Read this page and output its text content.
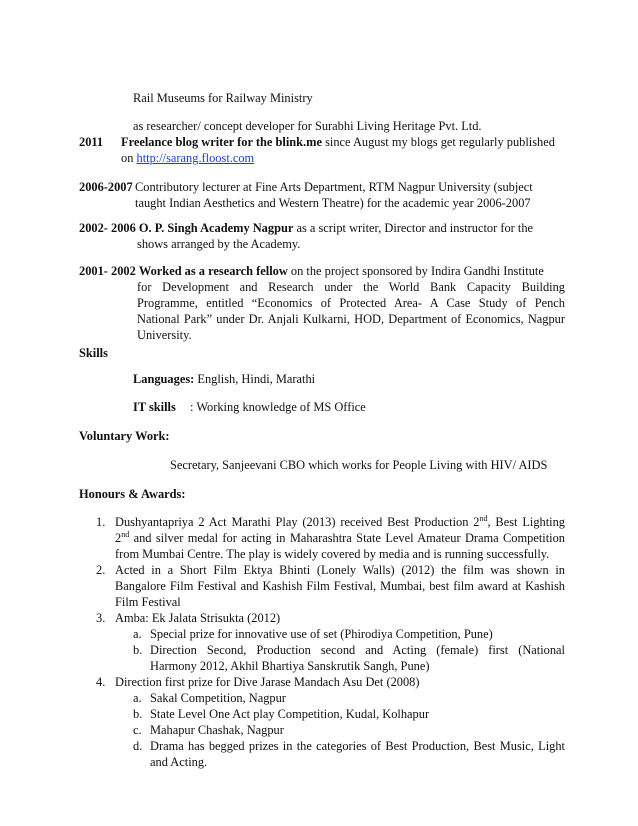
Rail Museums for Railway Ministry
as researcher/ concept developer for Surabhi Living Heritage Pvt. Ltd.
2011 Freelance blog writer for the blink.me since August my blogs get regularly published
on http://sarang.floost.com
2006-2007 Contributory lecturer at Fine Arts Department, RTM Nagpur University (subject
taught Indian Aesthetics and Western Theatre) for the academic year 2006-2007
2002- 2006 O. P. Singh Academy Nagpur as a script writer, Director and instructor for the
shows arranged by the Academy.
2001- 2002 Worked as a research fellow on the project sponsored by Indira Gandhi Institute
for Development and Research under the World Bank Capacity Building
Programme, entitled “Economics of Protected Area- A Case Study of Pench
National Park” under Dr. Anjali Kulkarni, HOD, Department of Economics, Nagpur
University.
Skills
Languages: English, Hindi, Marathi
IT skills : Working knowledge of MS Office
Voluntary Work:
Secretary, Sanjeevani CBO which works for People Living with HIV/ AIDS
Honours & Awards:
1. Dushyantapriya 2 Act Marathi Play (2013) received Best Production 2nd, Best Lighting
2nd and silver medal for acting in Maharashtra State Level Amateur Drama Competition
from Mumbai Centre. The play is widely covered by media and is running successfully.
2. Acted in a Short Film Ektya Bhinti (Lonely Walls) (2012) the film was shown in
Bangalore Film Festival and Kashish Film Festival, Mumbai, best film award at Kashish
Film Festival
3. Amba: Ek Jalata Strisukta (2012)
a. Special prize for innovative use of set (Phirodiya Competition, Pune)
b. Direction Second, Production second and Acting (female) first (National
Harmony 2012, Akhil Bhartiya Sanskrutik Sangh, Pune)
4. Direction first prize for Dive Jarase Mandach Asu Det (2008)
a. Sakal Competition, Nagpur
b. State Level One Act play Competition, Kudal, Kolhapur
c. Mahapur Chashak, Nagpur
d. Drama has begged prizes in the categories of Best Production, Best Music, Light
and Acting.
